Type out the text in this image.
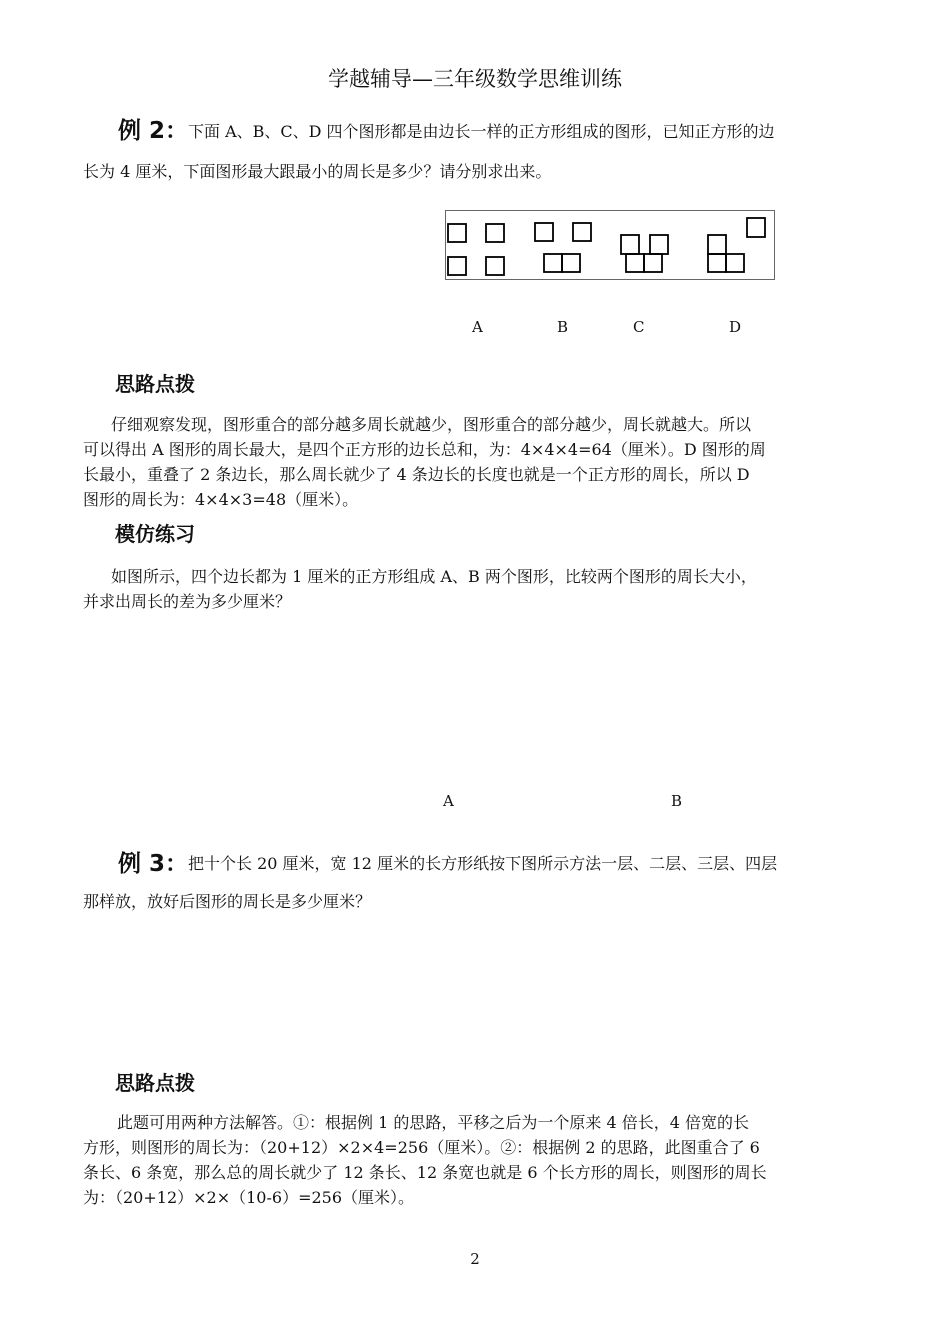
学越辅导—三年级数学思维训练
例 2： 下面 A、B、C、D 四个图形都是由边长一样的正方形组成的图形，已知正方形的边
长为 4 厘米，下面图形最大跟最小的周长是多少？请分别求出来。
A	B	C	D
思路点拨
仔细观察发现，图形重合的部分越多周长就越少，图形重合的部分越少，周长就越大。所以
可以得出 A 图形的周长最大，是四个正方形的边长总和，为：4×4×4=64（厘米）。D 图形的周
长最小，重叠了 2 条边长，那么周长就少了 4 条边长的长度也就是一个正方形的周长，所以 D
图形的周长为：4×4×3=48（厘米）。
模仿练习
如图所示，四个边长都为 1 厘米的正方形组成 A、B 两个图形，比较两个图形的周长大小，
并求出周长的差为多少厘米？
A	B
例 3： 把十个长 20 厘米，宽 12 厘米的长方形纸按下图所示方法一层、二层、三层、四层
那样放，放好后图形的周长是多少厘米？
思路点拨
此题可用两种方法解答。①：根据例 1 的思路，平移之后为一个原来 4 倍长，4 倍宽的长
方形，则图形的周长为：（20+12）×2×4=256（厘米）。②：根据例 2 的思路，此图重合了 6
条长、6 条宽，那么总的周长就少了 12 条长、12 条宽也就是 6 个长方形的周长，则图形的周长
为：（20+12）×2×（10-6）=256（厘米）。
2
